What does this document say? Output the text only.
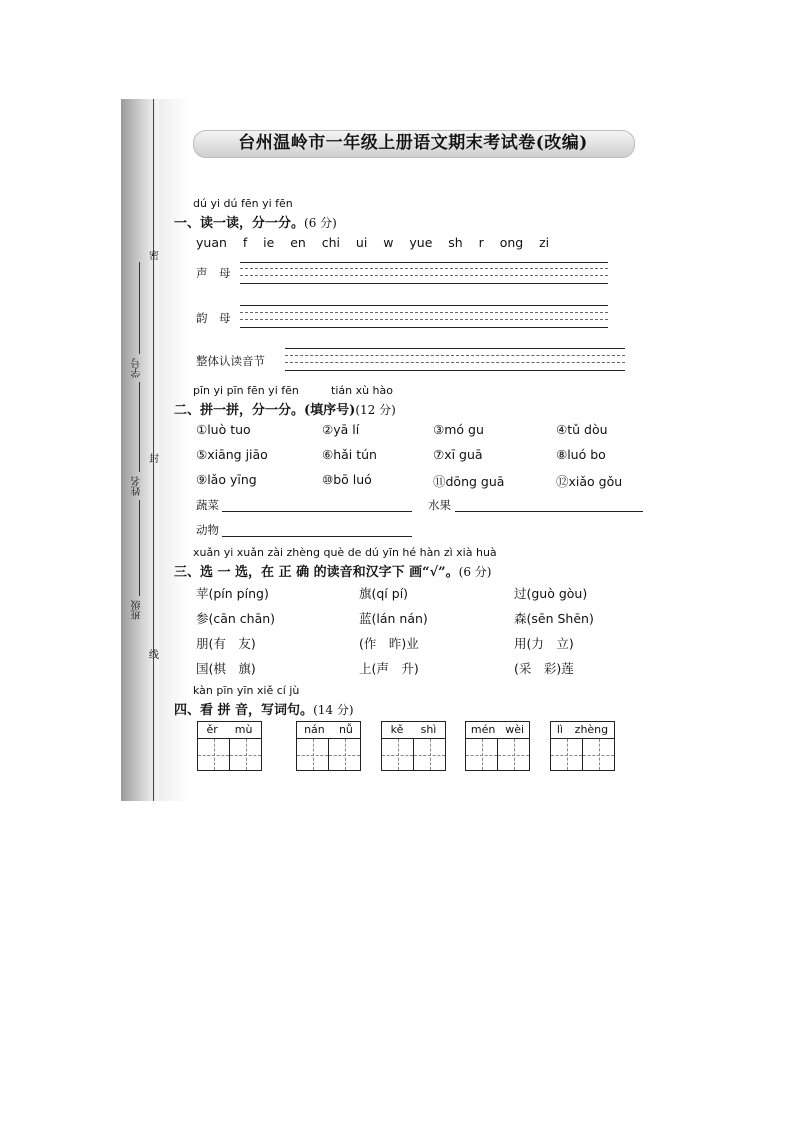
学号
姓名
班级
密
封
线
台州温岭市一年级上册语文期末考试卷(改编)
dú yi dú fēn yi fēn
一、读一读，分一分。(6 分)
yuan f ie en chi ui w yue sh r ong zi
声　母
韵　母
整体认读音节
pīn yi pīn fēn yi fēn	tián xù hào
二、拼一拼，分一分。(填序号)(12 分)
①luò tuo	②yā lí	③mó gu	④tǔ dòu
⑤xiāng jiāo	⑥hǎi tún	⑦xī guā	⑧luó bo
⑨lǎo yīng	⑩bō luó	⑪dōng guā	⑫xiǎo gǒu
蔬菜	水果
动物
xuǎn yi xuǎn zài zhèng què de dú yīn hé hàn zì xià huà
三、选 一 选，在 正 确 的读音和汉字下 画“√”。(6 分)
苹(pín píng)	旗(qí pí)	过(guò gòu)
参(cān chān)	蓝(lán nán)	森(sēn Shēn)
朋(有　友)	(作　昨)业	用(力　立)
国(棋　旗)	上(声　升)	(采　彩)莲
kàn pīn yīn xiě cí jù
四、看 拼 音，写词句。(14 分)
ěr mù	nán nǚ	kě shì	mén wèi	lì zhèng
